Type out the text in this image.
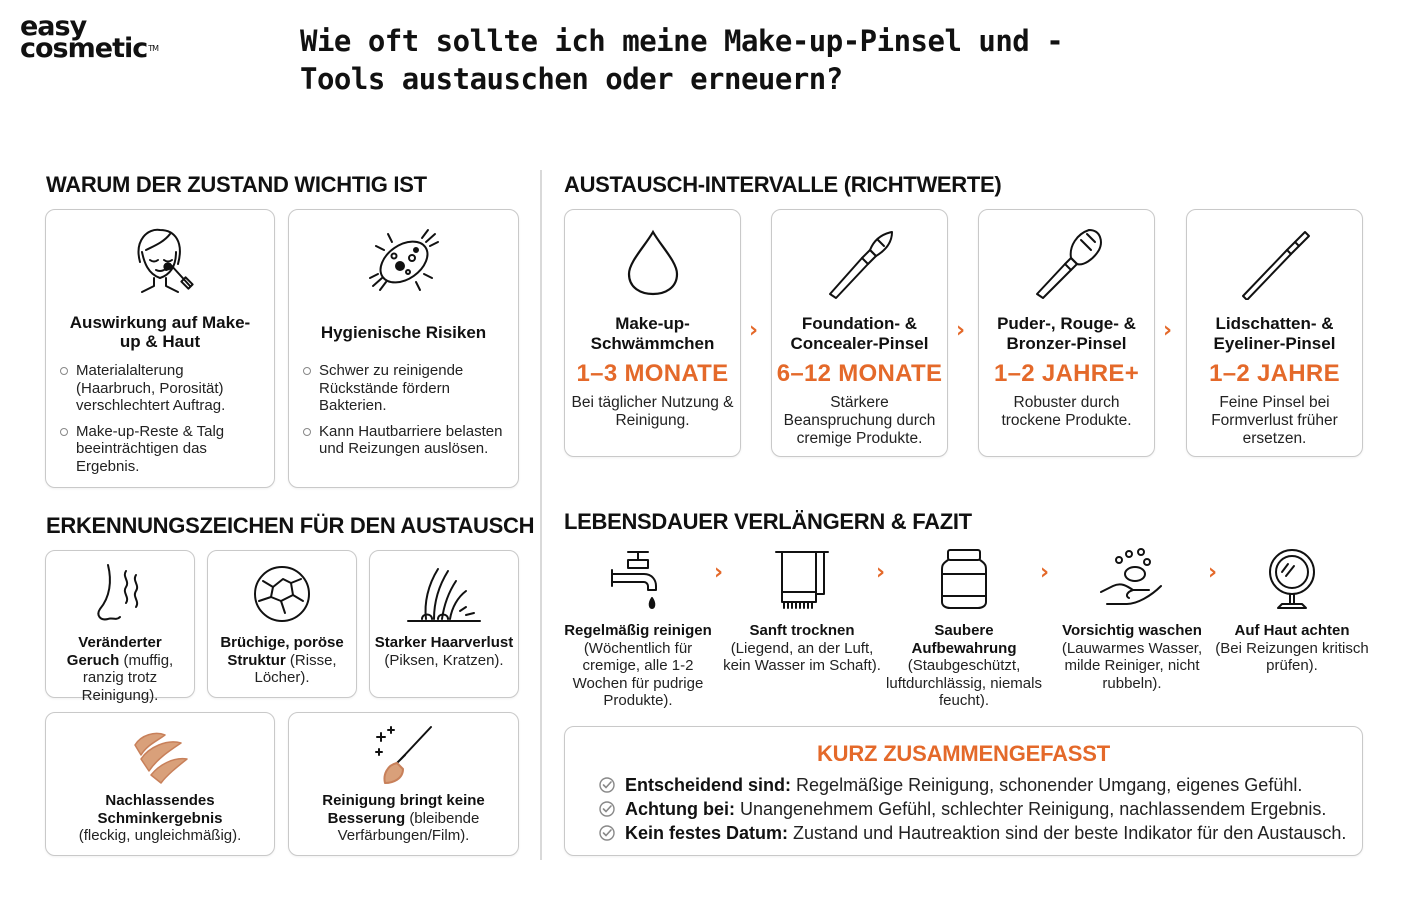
easy
cosmetic™	Wie oft sollte ich meine Make-up-Pinsel und -Tools austauschen oder erneuern?
WARUM DER ZUSTAND WICHTIG IST
Auswirkung auf Make-up & Haut
Materialalterung (Haarbruch, Porosität) verschlechtert Auftrag.
Make-up-Reste & Talg beeinträchtigen das Ergebnis.
Hygienische Risiken
Schwer zu reinigende Rückstände fördern Bakterien.
Kann Hautbarriere belasten und Reizungen auslösen.
ERKENNUNGSZEICHEN FÜR DEN AUSTAUSCH
Veränderter Geruch (muffig, ranzig trotz Reinigung).
Brüchige, poröse Struktur (Risse, Löcher).
Starker Haarverlust
(Piksen, Kratzen).
Nachlassendes Schminkergebnis
(fleckig, ungleichmäßig).
Reinigung bringt keine Besserung (bleibende Verfärbungen/Film).
AUSTAUSCH-INTERVALLE (RICHTWERTE)
Make-up-Schwämmchen
1–3 MONATE
Bei täglicher Nutzung & Reinigung.
›	Foundation- & Concealer-Pinsel
6–12 MONATE
Stärkere Beanspruchung durch cremige Produkte.
›	Puder-, Rouge- & Bronzer-Pinsel
1–2 JAHRE+
Robuster durch trockene Produkte.
›	Lidschatten- & Eyeliner-Pinsel
1–2 JAHRE
Feine Pinsel bei Formverlust früher ersetzen.
LEBENSDAUER VERLÄNGERN & FAZIT
Regelmäßig reinigen
(Wöchentlich für cremige, alle 1-2 Wochen für pudrige Produkte).
›
Sanft trocknen
(Liegend, an der Luft, kein Wasser im Schaft).
›
Saubere Aufbewahrung
(Staubgeschützt, luftdurchlässig, niemals feucht).
›
Vorsichtig waschen
(Lauwarmes Wasser, milde Reiniger, nicht rubbeln).
›
Auf Haut achten
(Bei Reizungen kritisch prüfen).
KURZ ZUSAMMENGEFASST
Entscheidend sind: Regelmäßige Reinigung, schonender Umgang, eigenes Gefühl.
Achtung bei: Unangenehmem Gefühl, schlechter Reinigung, nachlassendem Ergebnis.
Kein festes Datum: Zustand und Hautreaktion sind der beste Indikator für den Austausch.
